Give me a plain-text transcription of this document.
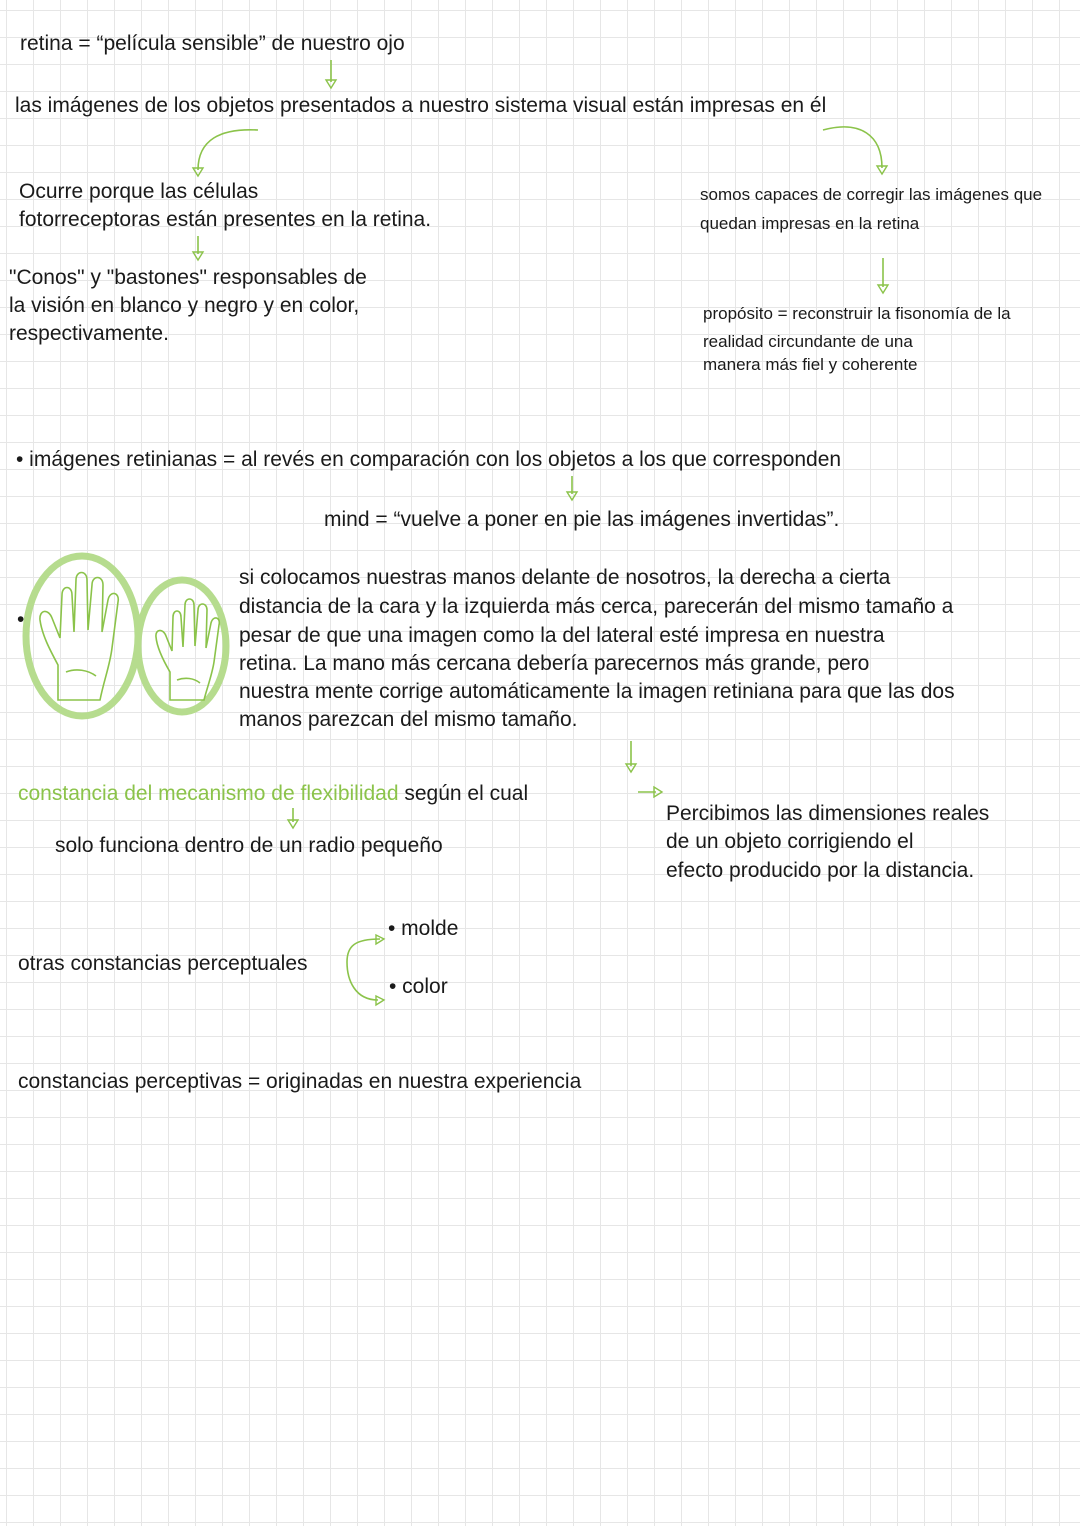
retina = “película sensible” de nuestro ojo

las imágenes de los objetos presentados a nuestro sistema visual están impresas en él

Ocurre porque las células

fotorreceptoras están presentes en la retina.

"Conos" y "bastones" responsables de

la visión en blanco y negro y en color,

respectivamente.

somos capaces de corregir las imágenes que

quedan impresas en la retina

propósito = reconstruir la fisonomía de la

realidad circundante de una

manera más fiel y coherente

• imágenes retinianas = al revés en comparación con los objetos a los que corresponden

mind = “vuelve a poner en pie las imágenes invertidas”.

•

si colocamos nuestras manos delante de nosotros, la derecha a cierta

distancia de la cara y la izquierda más cerca, parecerán del mismo tamaño a

pesar de que una imagen como la del lateral esté impresa en nuestra

retina. La mano más cercana debería parecernos más grande, pero

nuestra mente corrige automáticamente la imagen retiniana para que las dos

manos parezcan del mismo tamaño.

constancia del mecanismo de flexibilidad según el cual

solo funciona dentro de un radio pequeño

Percibimos las dimensiones reales

de un objeto corrigiendo el

efecto producido por la distancia.

otras constancias perceptuales

• molde

• color

constancias perceptivas = originadas en nuestra experiencia
